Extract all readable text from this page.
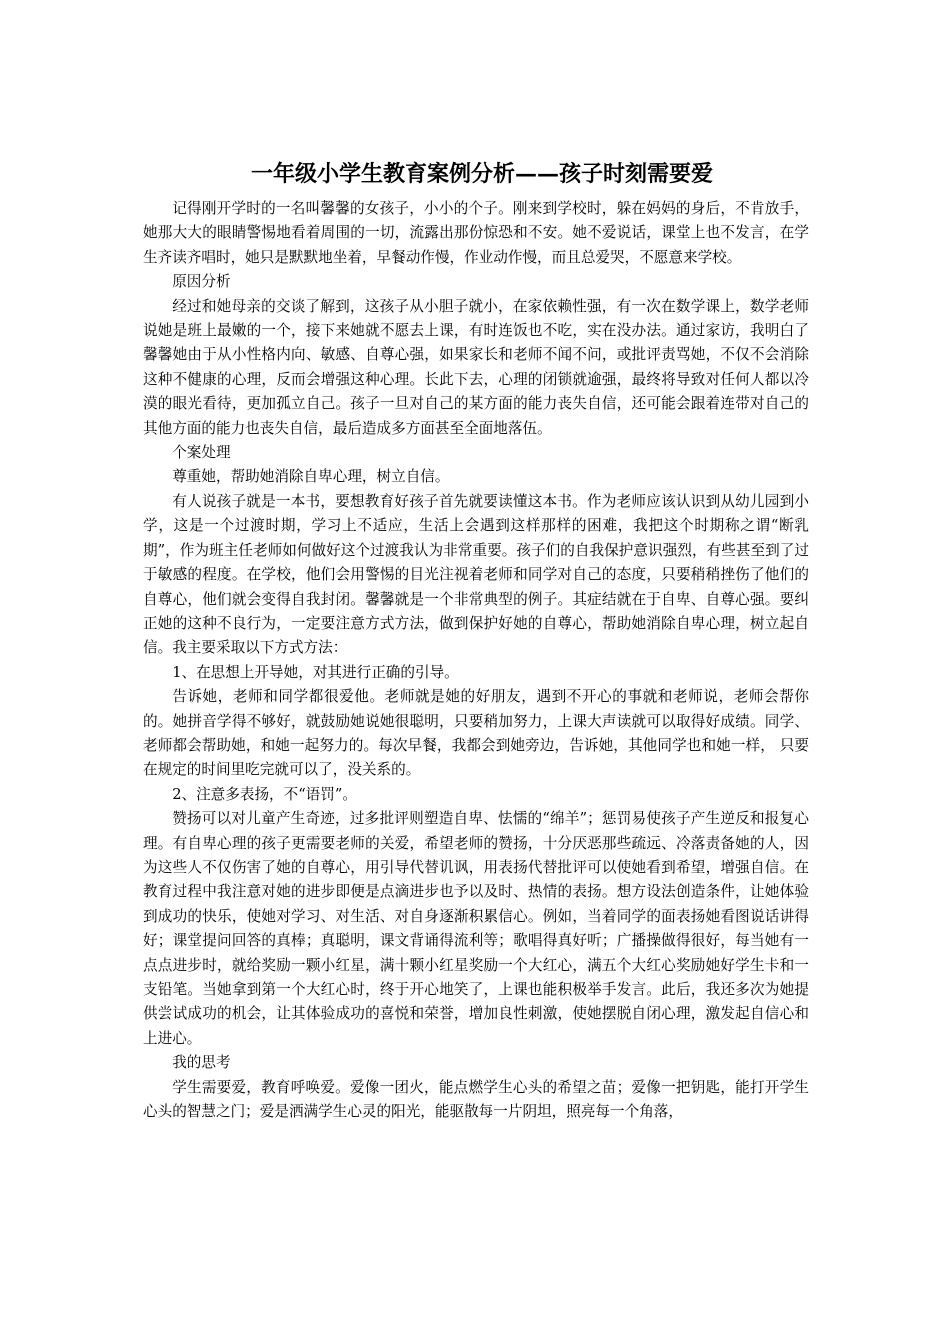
一年级小学生教育案例分析——孩子时刻需要爱

记得刚开学时的一名叫馨馨的女孩子，小小的个子。刚来到学校时，躲在妈妈的身后，不肯放手，她那大大的眼睛警惕地看着周围的一切，流露出那份惊恐和不安。她不爱说话，课堂上也不发言，在学生齐读齐唱时，她只是默默地坐着，早餐动作慢，作业动作慢，而且总爱哭，不愿意来学校。

原因分析

经过和她母亲的交谈了解到，这孩子从小胆子就小，在家依赖性强，有一次在数学课上，数学老师说她是班上最嫩的一个，接下来她就不愿去上课，有时连饭也不吃，实在没办法。通过家访，我明白了馨馨她由于从小性格内向、敏感、自尊心强，如果家长和老师不闻不问，或批评责骂她，不仅不会消除这种不健康的心理，反而会增强这种心理。长此下去，心理的闭锁就逾强，最终将导致对任何人都以冷漠的眼光看待，更加孤立自己。孩子一旦对自己的某方面的能力丧失自信，还可能会跟着连带对自己的其他方面的能力也丧失自信，最后造成多方面甚至全面地落伍。

个案处理

尊重她，帮助她消除自卑心理，树立自信。

有人说孩子就是一本书，要想教育好孩子首先就要读懂这本书。作为老师应该认识到从幼儿园到小学，这是一个过渡时期，学习上不适应，生活上会遇到这样那样的困难，我把这个时期称之谓“断乳期”，作为班主任老师如何做好这个过渡我认为非常重要。孩子们的自我保护意识强烈，有些甚至到了过于敏感的程度。在学校，他们会用警惕的目光注视着老师和同学对自己的态度，只要稍稍挫伤了他们的自尊心，他们就会变得自我封闭。馨馨就是一个非常典型的例子。其症结就在于自卑、自尊心强。要纠正她的这种不良行为，一定要注意方式方法，做到保护好她的自尊心，帮助她消除自卑心理，树立起自信。我主要采取以下方式方法：

1、在思想上开导她，对其进行正确的引导。

告诉她，老师和同学都很爱他。老师就是她的好朋友，遇到不开心的事就和老师说，老师会帮你的。她拼音学得不够好，就鼓励她说她很聪明，只要稍加努力，上课大声读就可以取得好成绩。同学、老师都会帮助她，和她一起努力的。每次早餐，我都会到她旁边，告诉她，其他同学也和她一样， 只要在规定的时间里吃完就可以了，没关系的。

2、注意多表扬，不“语罚”。

赞扬可以对儿童产生奇迹，过多批评则塑造自卑、怯懦的“绵羊”；惩罚易使孩子产生逆反和报复心理。有自卑心理的孩子更需要老师的关爱，希望老师的赞扬，十分厌恶那些疏远、冷落责备她的人，因为这些人不仅伤害了她的自尊心，用引导代替讥讽，用表扬代替批评可以使她看到希望，增强自信。在教育过程中我注意对她的进步即便是点滴进步也予以及时、热情的表扬。想方设法创造条件，让她体验到成功的快乐，使她对学习、对生活、对自身逐渐积累信心。例如，当着同学的面表扬她看图说话讲得好；课堂提问回答的真棒；真聪明，课文背诵得流利等；歌唱得真好听；广播操做得很好，每当她有一点点进步时，就给奖励一颗小红星，满十颗小红星奖励一个大红心，满五个大红心奖励她好学生卡和一支铅笔。当她拿到第一个大红心时，终于开心地笑了，上课也能积极举手发言。此后，我还多次为她提供尝试成功的机会，让其体验成功的喜悦和荣誉，增加良性刺激，使她摆脱自闭心理，激发起自信心和上进心。

我的思考

学生需要爱，教育呼唤爱。爱像一团火，能点燃学生心头的希望之苗；爱像一把钥匙，能打开学生心头的智慧之门；爱是洒满学生心灵的阳光，能驱散每一片阴坦，照亮每一个角落，
